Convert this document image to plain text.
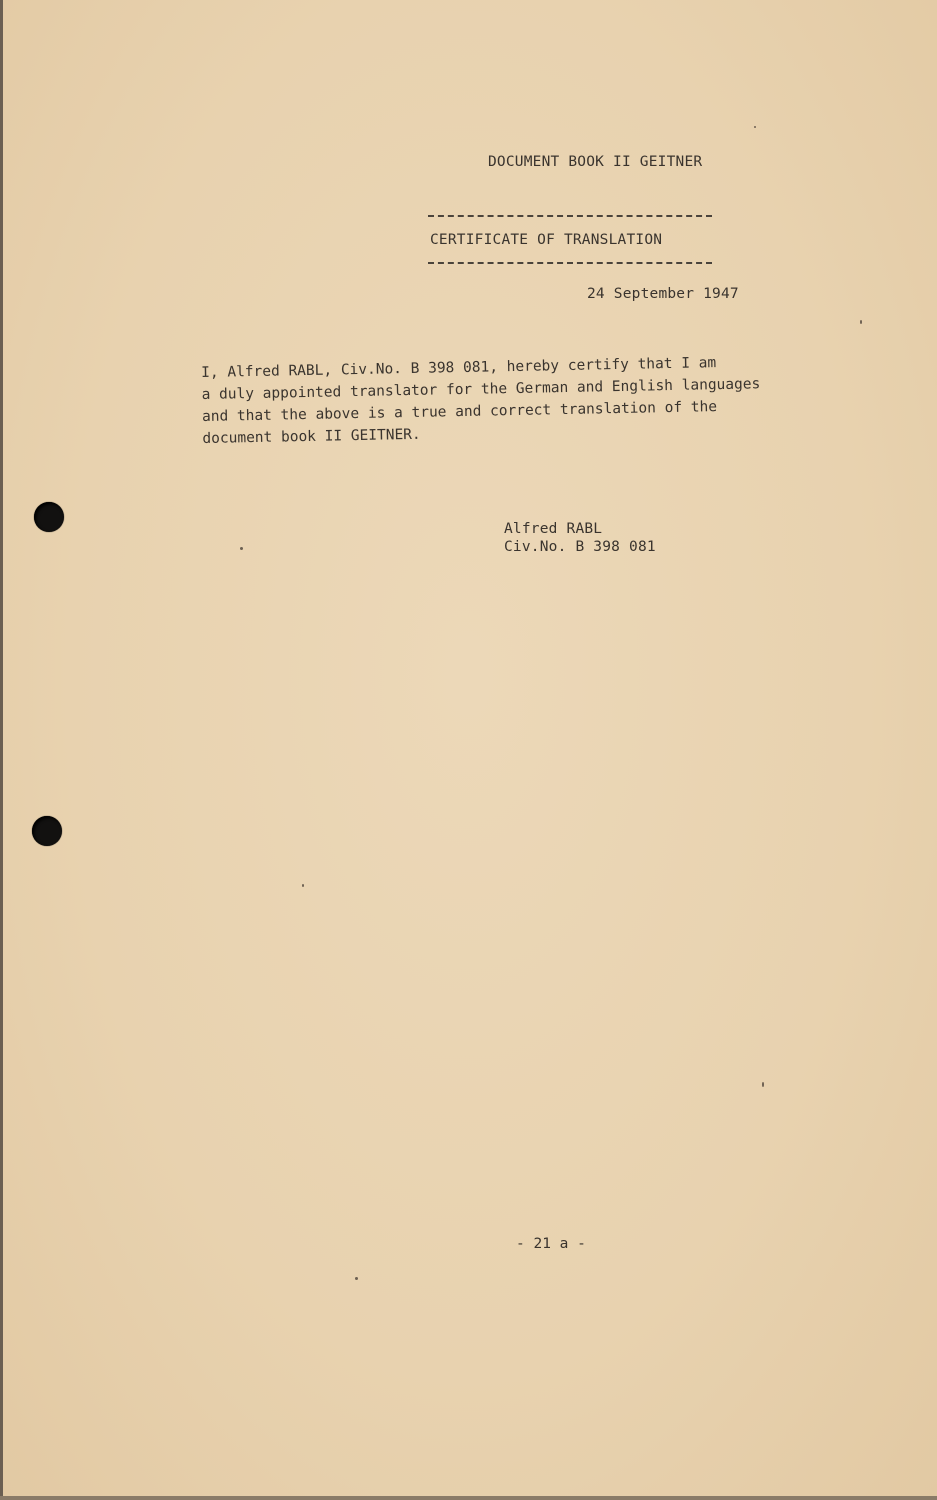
DOCUMENT BOOK II GEITNER
CERTIFICATE OF TRANSLATION
24 September 1947
I, Alfred RABL, Civ.No. B 398 081, hereby certify that I am
a duly appointed translator for the German and English languages
and that the above is a true and correct translation of the
document book II GEITNER.
Alfred RABL
Civ.No. B 398 081
- 21 a -
